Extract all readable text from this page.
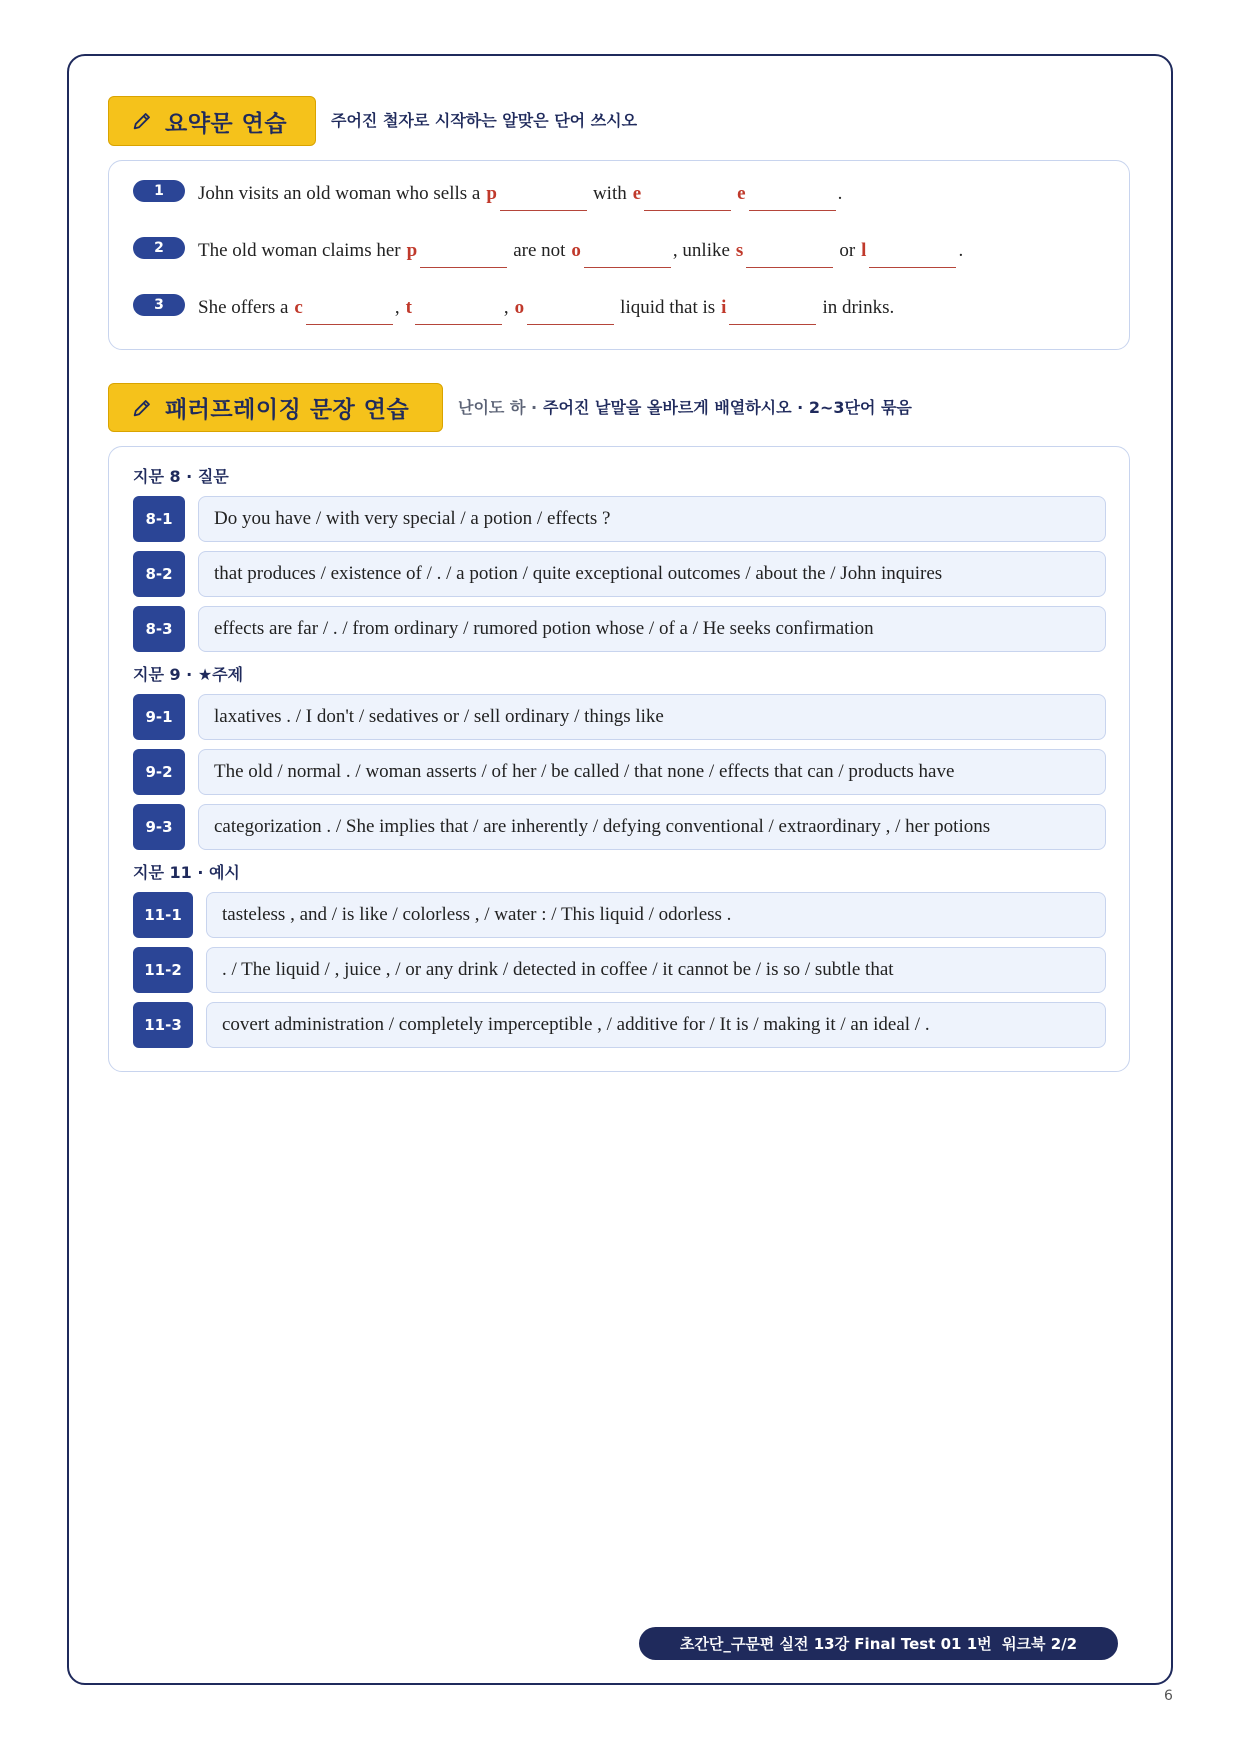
요약문 연습	주어진 철자로 시작하는 알맞은 단어 쓰시오
1	John visits an old woman who sells a p	with e	e	.
2	The old woman claims her p	are not o	, unlike s	or l	.
3	She offers a c	, t	, o	liquid that is i	in drinks.
패러프레이징 문장 연습	난이도 하 · 주어진 낱말을 올바르게 배열하시오 · 2~3단어 묶음
지문 8 · 질문
8-1	Do you have / with very special / a potion / effects ?
8-2	that produces / existence of / . / a potion / quite exceptional outcomes / about the / John inquires
8-3	effects are far / . / from ordinary / rumored potion whose / of a / He seeks confirmation
지문 9 · ★주제
9-1	laxatives . / I don't / sedatives or / sell ordinary / things like
9-2	The old / normal . / woman asserts / of her / be called / that none / effects that can / products have
9-3	categorization . / She implies that / are inherently / defying conventional / extraordinary , / her potions
지문 11 · 예시
11-1	tasteless , and / is like / colorless , / water : / This liquid / odorless .
11-2	. / The liquid / , juice , / or any drink / detected in coffee / it cannot be / is so / subtle that
11-3	covert administration / completely imperceptible , / additive for / It is / making it / an ideal / .
초간단_구문편 실전 13강 Final Test 01 1번  워크북 2/2
6
